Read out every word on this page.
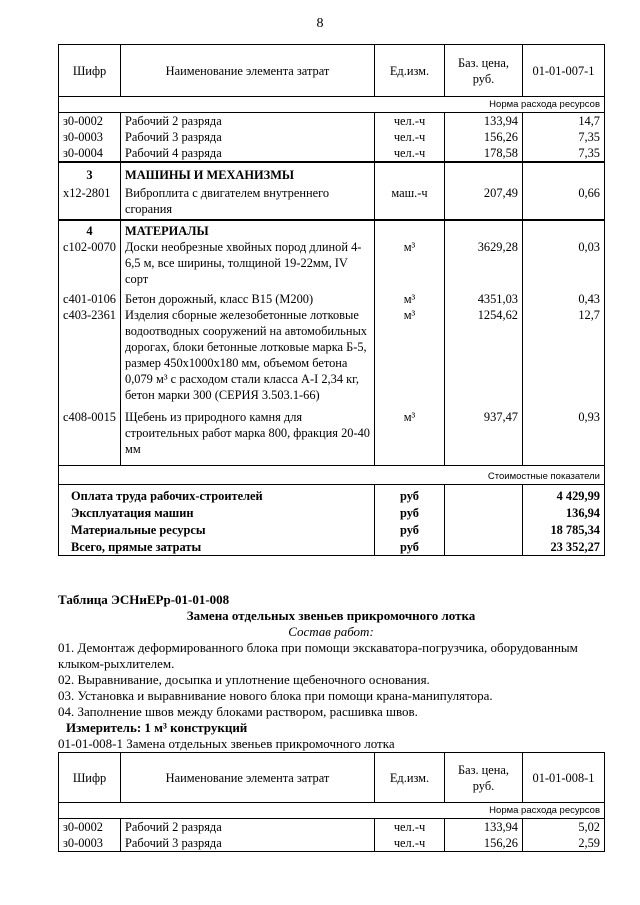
8
Шифр	Наименование элемента затрат	Ед.изм.	Баз. цена, руб.	01-01-007-1
Норма расхода ресурсов				
з0-0002	Рабочий 2 разряда	чел.-ч	133,94	14,7
з0-0003	Рабочий 3 разряда	чел.-ч	156,26	7,35
з0-0004	Рабочий 4 разряда	чел.-ч	178,58	7,35
3	МАШИНЫ И МЕХАНИЗМЫ			
х12-2801	Виброплита с двигателем внутреннего сгорания	маш.-ч	207,49	0,66
4	МАТЕРИАЛЫ			
с102-0070	Доски необрезные хвойных пород длиной 4-6,5 м, все ширины, толщиной 19-22мм, IV сорт	м³	3629,28	0,03
с401-0106	Бетон дорожный, класс B15 (M200)	м³	4351,03	0,43
с403-2361	Изделия сборные железобетонные лотковые водоотводных сооружений на автомобильных дорогах, блоки бетонные лотковые марка Б-5, размер 450x1000x180 мм, объемом бетона 0,079 м³ с расходом стали класса А-I 2,34 кг, бетон марки 300 (СЕРИЯ 3.503.1-66)	м³	1254,62	12,7
с408-0015	Щебень из природного камня для строительных работ марка 800, фракция 20-40 мм	м³	937,47	0,93
Стоимостные показатели				
Оплата труда рабочих-строителей		руб		4 429,99
Эксплуатация машин		руб		136,94
Материальные ресурсы		руб		18 785,34
Всего, прямые затраты		руб		23 352,27
Таблица ЭСНиЕРр-01-01-008
Замена отдельных звеньев прикромочного лотка
Состав работ:
01. Демонтаж деформированного блока при помощи экскаватора-погрузчика, оборудованным клыком-рыхлителем.
02. Выравнивание, досыпка и уплотнение щебеночного основания.
03. Установка и выравнивание нового блока при помощи крана-манипулятора.
04. Заполнение швов между блоками раствором, расшивка швов.
Измеритель: 1 м³ конструкций
01-01-008-1 Замена отдельных звеньев прикромочного лотка
Шифр	Наименование элемента затрат	Ед.изм.	Баз. цена, руб.	01-01-008-1
Норма расхода ресурсов				
з0-0002	Рабочий 2 разряда	чел.-ч	133,94	5,02
з0-0003	Рабочий 3 разряда	чел.-ч	156,26	2,59
